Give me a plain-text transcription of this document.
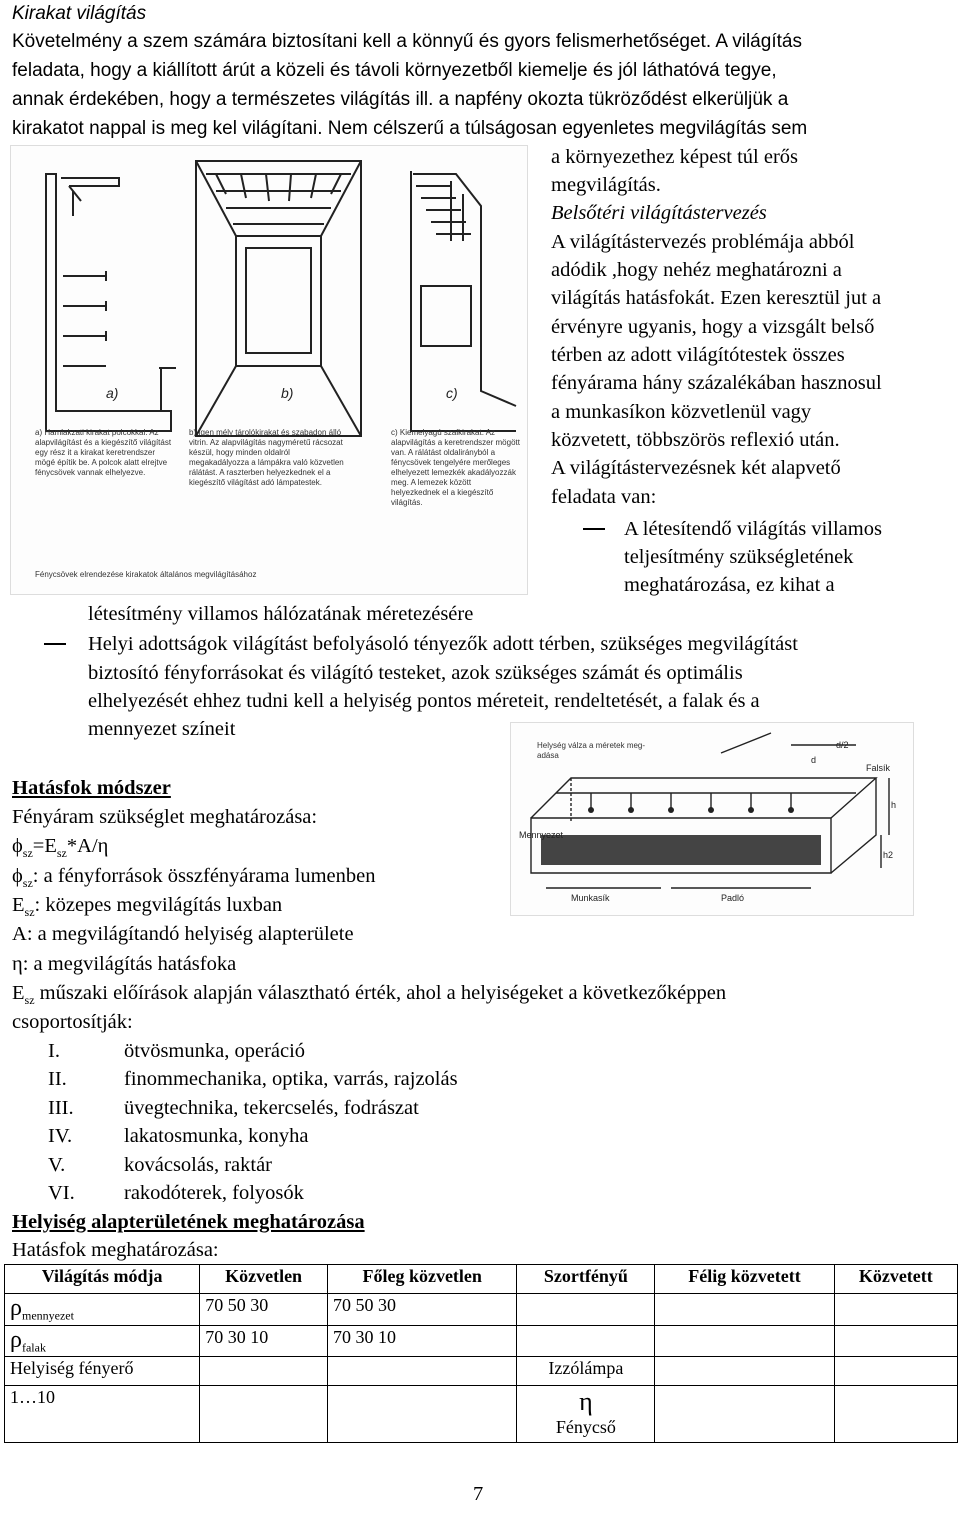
Kirakat világítás
Követelmény a szem számára biztosítani kell a könnyű és gyors felismerhetőséget. A világítás
feladata, hogy a kiállított árút a közeli és távoli környezetből kiemelje és jól láthatóvá tegye,
annak érdekében, hogy a természetes világítás ill. a napfény okozta tükröződést elkerüljük a
kirakatot nappal is meg kel világítani. Nem célszerű a túlságosan egyenletes megvilágítás sem
a környezethez képest túl erős
megvilágítás.
a)	b)	c)
a) Hamlakzati kirakat polcokkal. Az alapvilágítást és a kiegészítő világítást egy rész it a kirakat keretrendszer mögé építik be. A polcok alatt elrejtve fénycsövek vannak elhelyezve.
b) Igen mély tárolókirakat és szabadon álló vitrin. Az alapvilágítás nagyméretű rácsozat készül, hogy minden oldalról megakadályozza a lámpákra való közvetlen rálátást. A raszterben helyezkednek el a kiegészítő világítást adó lámpatestek.
c) Kiemelyagú szalkirakat. Az alapvilágítás a keretrendszer mögött van. A rálátást oldalirányból a fénycsövek tengelyére merőleges elhelyezett lemezkék akadályozzák meg. A lemezek között helyezkednek el a kiegészítő világítás.
Fénycsövek elrendezése kirakatok általános megvilágításához
Belsőtéri világítástervezés
A világítástervezés problémája abból
adódik ,hogy nehéz meghatározni a
világítás hatásfokát. Ezen keresztül jut a
érvényre ugyanis, hogy a vizsgált belső
térben az adott világítótestek összes
fényárama hány százalékában hasznosul
a munkasíkon közvetlenül vagy
közvetett, többszörös reflexió után.
A világítástervezésnek két alapvető
feladata van:
A létesítendő világítás villamos
teljesítmény szükségletének
meghatározása, ez kihat a
létesítmény villamos hálózatának méretezésére
Helyi adottságok világítást befolyásoló tényezők adott térben, szükséges megvilágítást
biztosító fényforrásokat és világító testeket, azok szükséges számát és optimális
elhelyezését ehhez tudni kell a helyiség pontos méreteit, rendeltetését, a falak és a
mennyezet színeit
Helység válza a méretek meg-
adása
Falsík
Mennyezet
Padló
Munkasík
d/2
h
h2
d
Hatásfok módszer
Fényáram szükséglet meghatározása:
$\phi_{sz}=E_{sz}*A/\eta$
$\phi_{sz}$: a fényforrások összfényárama lumenben
$E_{sz}$: közepes megvilágítás luxban
A: a megvilágítandó helyiség alapterülete
η: a megvilágítás hatásfoka
$E_{sz}$ műszaki előírások alapján választható érték, ahol a helyiségeket a következőképpen
csoportosítják:
I.	ötvösmunka, operáció
II.	finommechanika, optika, varrás, rajzolás
III. üvegtechnika, tekercselés, fodrászat
IV.	lakatosmunka, konyha
V.	kovácsolás, raktár
VI. rakodóterek, folyosók
Helyiség alapterületének meghatározása
Hatásfok meghatározása:
Világítás módja	Közvetlen	Főleg közvetlen	Szortfényű	Félig közvetett	Közvetett
$\rho_{mennyezet}$	70 50 30	70 50 30			
$\rho_{falak}$	70 30 10	70 30 10			
Helyiség fényerő			Izzólámpa		
1…10			η
Fénycső		

7
